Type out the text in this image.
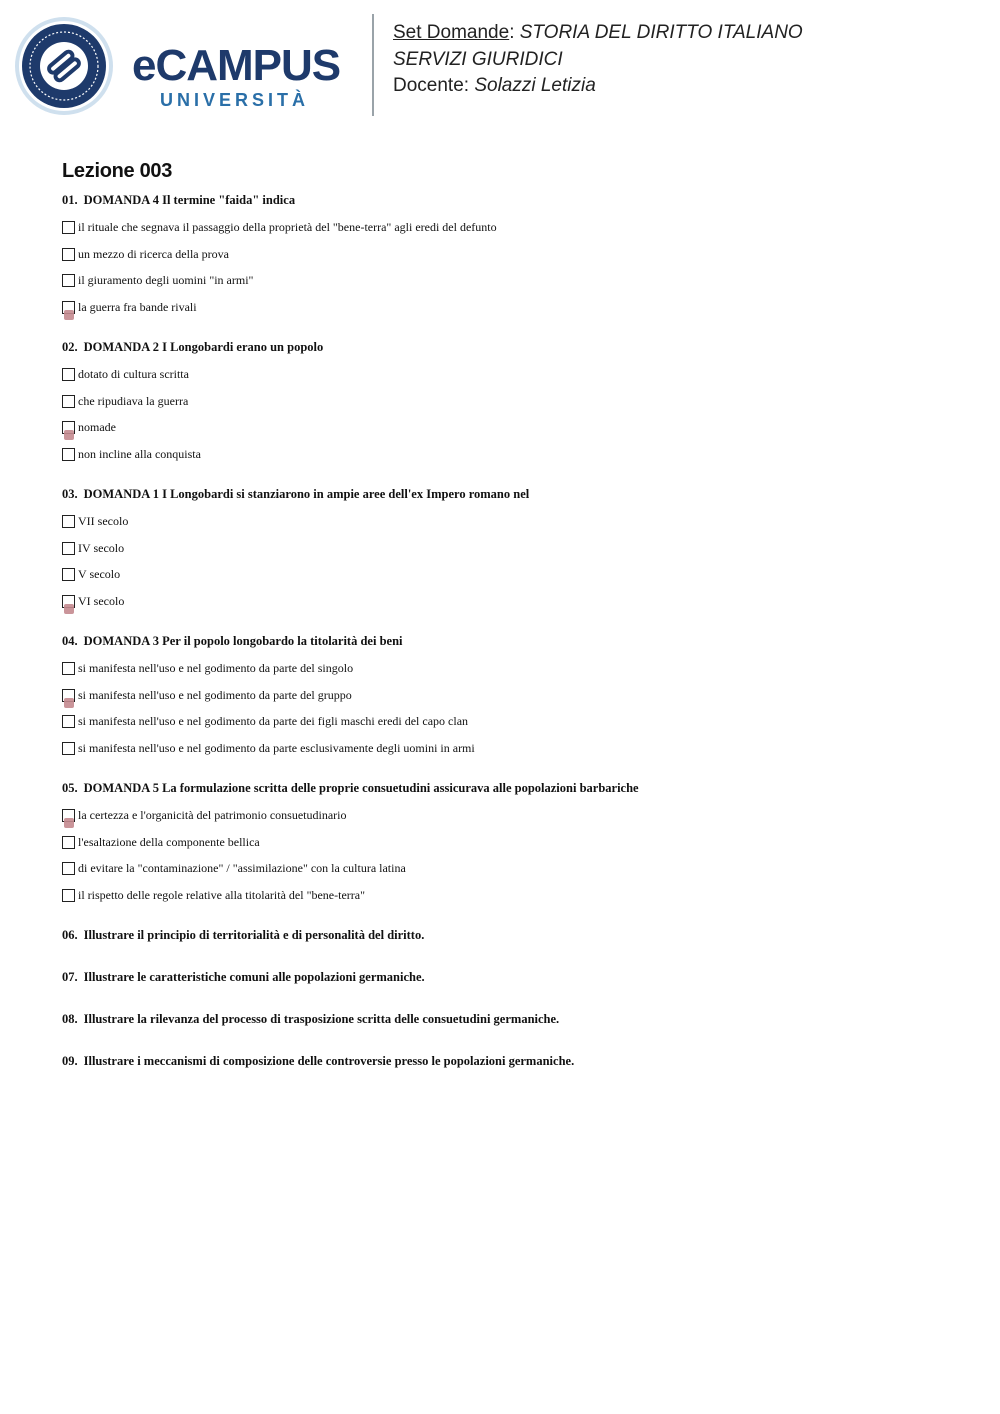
eCAMPUS
UNIVERSITÀ
Set Domande: STORIA DEL DIRITTO ITALIANO
SERVIZI GIURIDICI
Docente: Solazzi Letizia
Lezione 003
01. DOMANDA 4 Il termine "faida" indica
il rituale che segnava il passaggio della proprietà del "bene-terra" agli eredi del defunto
un mezzo di ricerca della prova
il giuramento degli uomini "in armi"
la guerra fra bande rivali
02. DOMANDA 2 I Longobardi erano un popolo
dotato di cultura scritta
che ripudiava la guerra
nomade
non incline alla conquista
03. DOMANDA 1 I Longobardi si stanziarono in ampie aree dell'ex Impero romano nel
VII secolo
IV secolo
V secolo
VI secolo
04. DOMANDA 3 Per il popolo longobardo la titolarità dei beni
si manifesta nell'uso e nel godimento da parte del singolo
si manifesta nell'uso e nel godimento da parte del gruppo
si manifesta nell'uso e nel godimento da parte dei figli maschi eredi del capo clan
si manifesta nell'uso e nel godimento da parte esclusivamente degli uomini in armi
05. DOMANDA 5 La formulazione scritta delle proprie consuetudini assicurava alle popolazioni barbariche
la certezza e l'organicità del patrimonio consuetudinario
l'esaltazione della componente bellica
di evitare la "contaminazione" / "assimilazione" con la cultura latina
il rispetto delle regole relative alla titolarità del "bene-terra"
06. Illustrare il principio di territorialità e di personalità del diritto.
07. Illustrare le caratteristiche comuni alle popolazioni germaniche.
08. Illustrare la rilevanza del processo di trasposizione scritta delle consuetudini germaniche.
09. Illustrare i meccanismi di composizione delle controversie presso le popolazioni germaniche.
